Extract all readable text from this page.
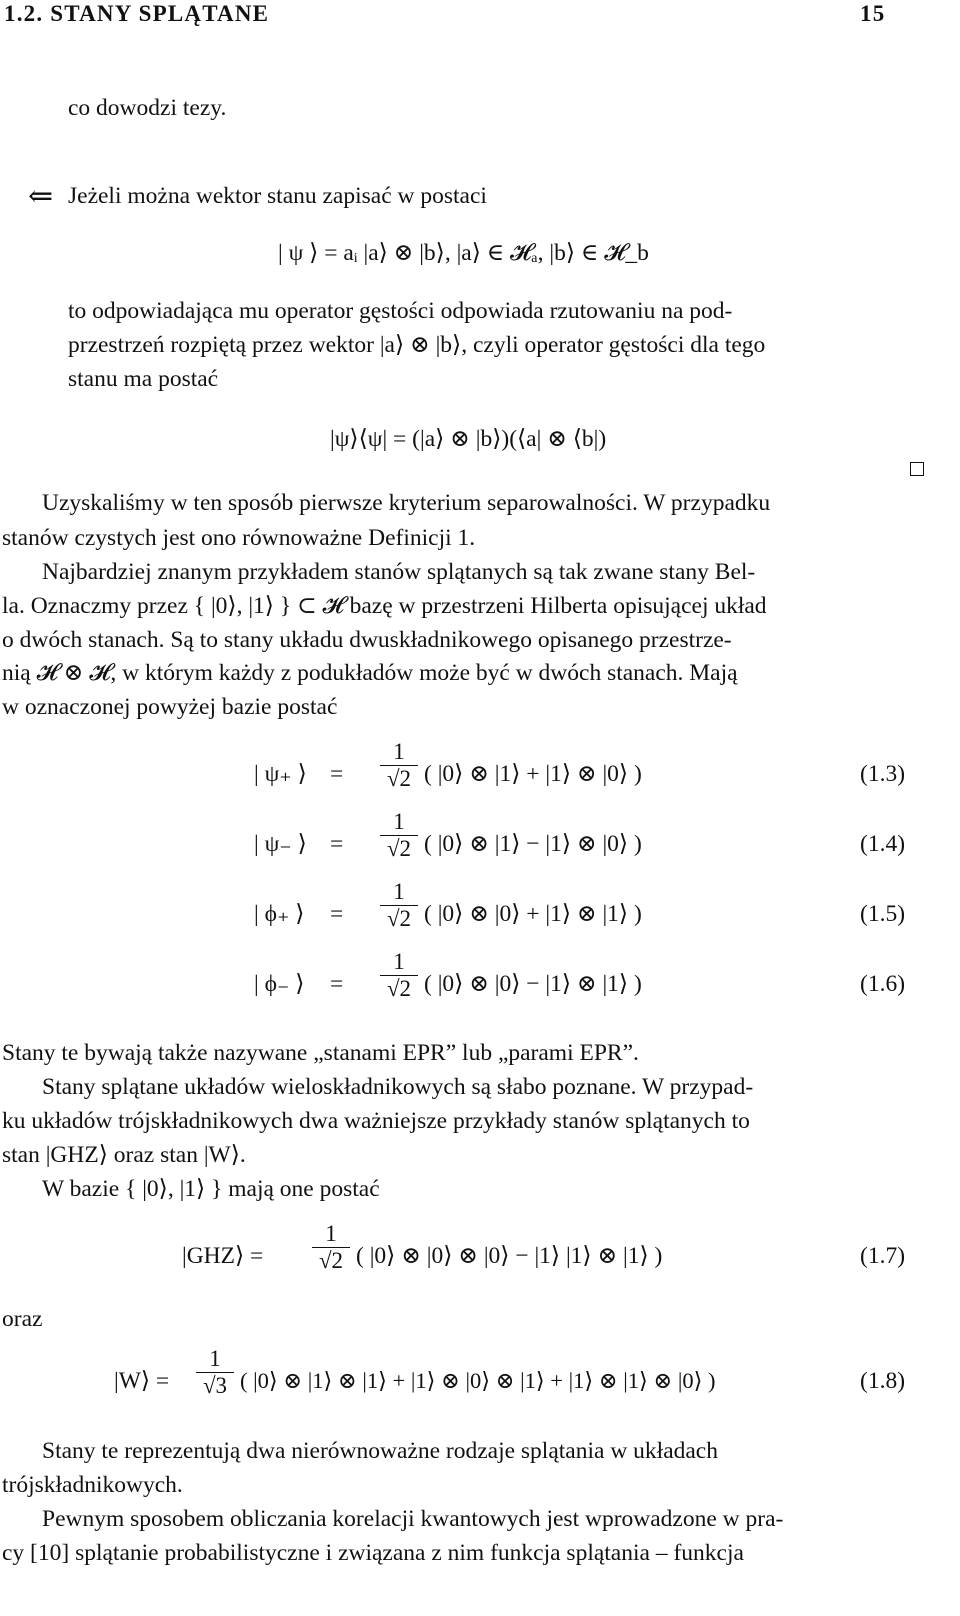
1.2. STANY SPLĄTANE	15
co dowodzi tezy.
⇐ Jeżeli można wektor stanu zapisać w postaci
| ψ ⟩ = aᵢ |a⟩ ⊗ |b⟩, |a⟩ ∈ 𝓗ₐ, |b⟩ ∈ 𝓗_b
to odpowiadająca mu operator gęstości odpowiada rzutowaniu na pod-
przestrzeń rozpiętą przez wektor |a⟩ ⊗ |b⟩, czyli operator gęstości dla tego
stanu ma postać
|ψ⟩⟨ψ| = (|a⟩ ⊗ |b⟩)(⟨a| ⊗ ⟨b|)
Uzyskaliśmy w ten sposób pierwsze kryterium separowalności. W przypadku
stanów czystych jest ono równoważne Definicji 1.
Najbardziej znanym przykładem stanów splątanych są tak zwane stany Bel-
la. Oznaczmy przez { |0⟩, |1⟩ } ⊂ 𝓗 bazę w przestrzeni Hilberta opisującej układ
o dwóch stanach. Są to stany układu dwuskładnikowego opisanego przestrze-
nią 𝓗 ⊗ 𝓗, w którym każdy z podukładów może być w dwóch stanach. Mają
w oznaczonej powyżej bazie postać
| ψ₊ ⟩ =
1
√2 ( |0⟩ ⊗ |1⟩ + |1⟩ ⊗ |0⟩ )	(1.3)
| ψ₋ ⟩ =
1
√2 ( |0⟩ ⊗ |1⟩ − |1⟩ ⊗ |0⟩ )	(1.4)
| ϕ₊ ⟩ =
1
√2 ( |0⟩ ⊗ |0⟩ + |1⟩ ⊗ |1⟩ )	(1.5)
| ϕ₋ ⟩ =
1
√2 ( |0⟩ ⊗ |0⟩ − |1⟩ ⊗ |1⟩ )	(1.6)
Stany te bywają także nazywane „stanami EPR” lub „parami EPR”.
Stany splątane układów wieloskładnikowych są słabo poznane. W przypad-
ku układów trójskładnikowych dwa ważniejsze przykłady stanów splątanych to
stan |GHZ⟩ oraz stan |W⟩.
W bazie { |0⟩, |1⟩ } mają one postać
|GHZ⟩ =
1
√2 ( |0⟩ ⊗ |0⟩ ⊗ |0⟩ − |1⟩ |1⟩ ⊗ |1⟩ )	(1.7)
oraz
|W⟩ =
1
√3 ( |0⟩ ⊗ |1⟩ ⊗ |1⟩ + |1⟩ ⊗ |0⟩ ⊗ |1⟩ + |1⟩ ⊗ |1⟩ ⊗ |0⟩ )	(1.8)
Stany te reprezentują dwa nierównoważne rodzaje splątania w układach
trójskładnikowych.
Pewnym sposobem obliczania korelacji kwantowych jest wprowadzone w pra-
cy [10] splątanie probabilistyczne i związana z nim funkcja splątania – funkcja
